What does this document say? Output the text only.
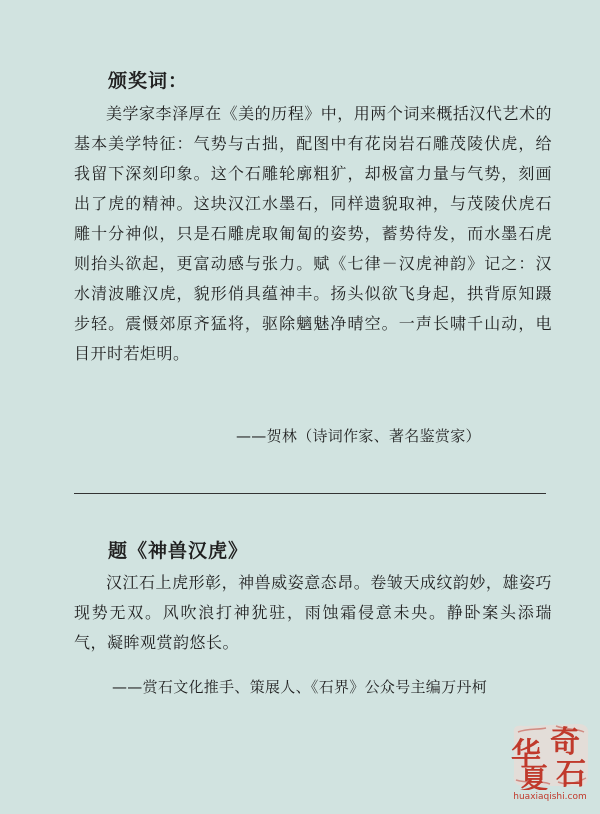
颁奖词：

美学家李泽厚在《美的历程》中，用两个词来概括汉代艺术的基本美学特征：气势与古拙，配图中有花岗岩石雕茂陵伏虎，给我留下深刻印象。这个石雕轮廓粗犷，却极富力量与气势，刻画出了虎的精神。这块汉江水墨石，同样遗貌取神，与茂陵伏虎石雕十分神似，只是石雕虎取匍匐的姿势，蓄势待发，而水墨石虎则抬头欲起，更富动感与张力。赋《七律－汉虎神韵》记之：汉水清波雕汉虎，貌形俏具蕴神丰。扬头似欲飞身起，拱背原知蹑步轻。震慑郊原齐猛将，驱除魑魅净晴空。一声长啸千山动，电目开时若炬明。

——贺林（诗词作家、著名鉴赏家）

题《神兽汉虎》

汉江石上虎形彰，神兽威姿意态昂。卷皱天成纹韵妙，雄姿巧现势无双。风吹浪打神犹驻，雨蚀霜侵意未央。静卧案头添瑞气，凝眸观赏韵悠长。

——赏石文化推手、策展人、《石界》公众号主编万丹柯

华 奇
夏 石
huaxiaqishi.com
